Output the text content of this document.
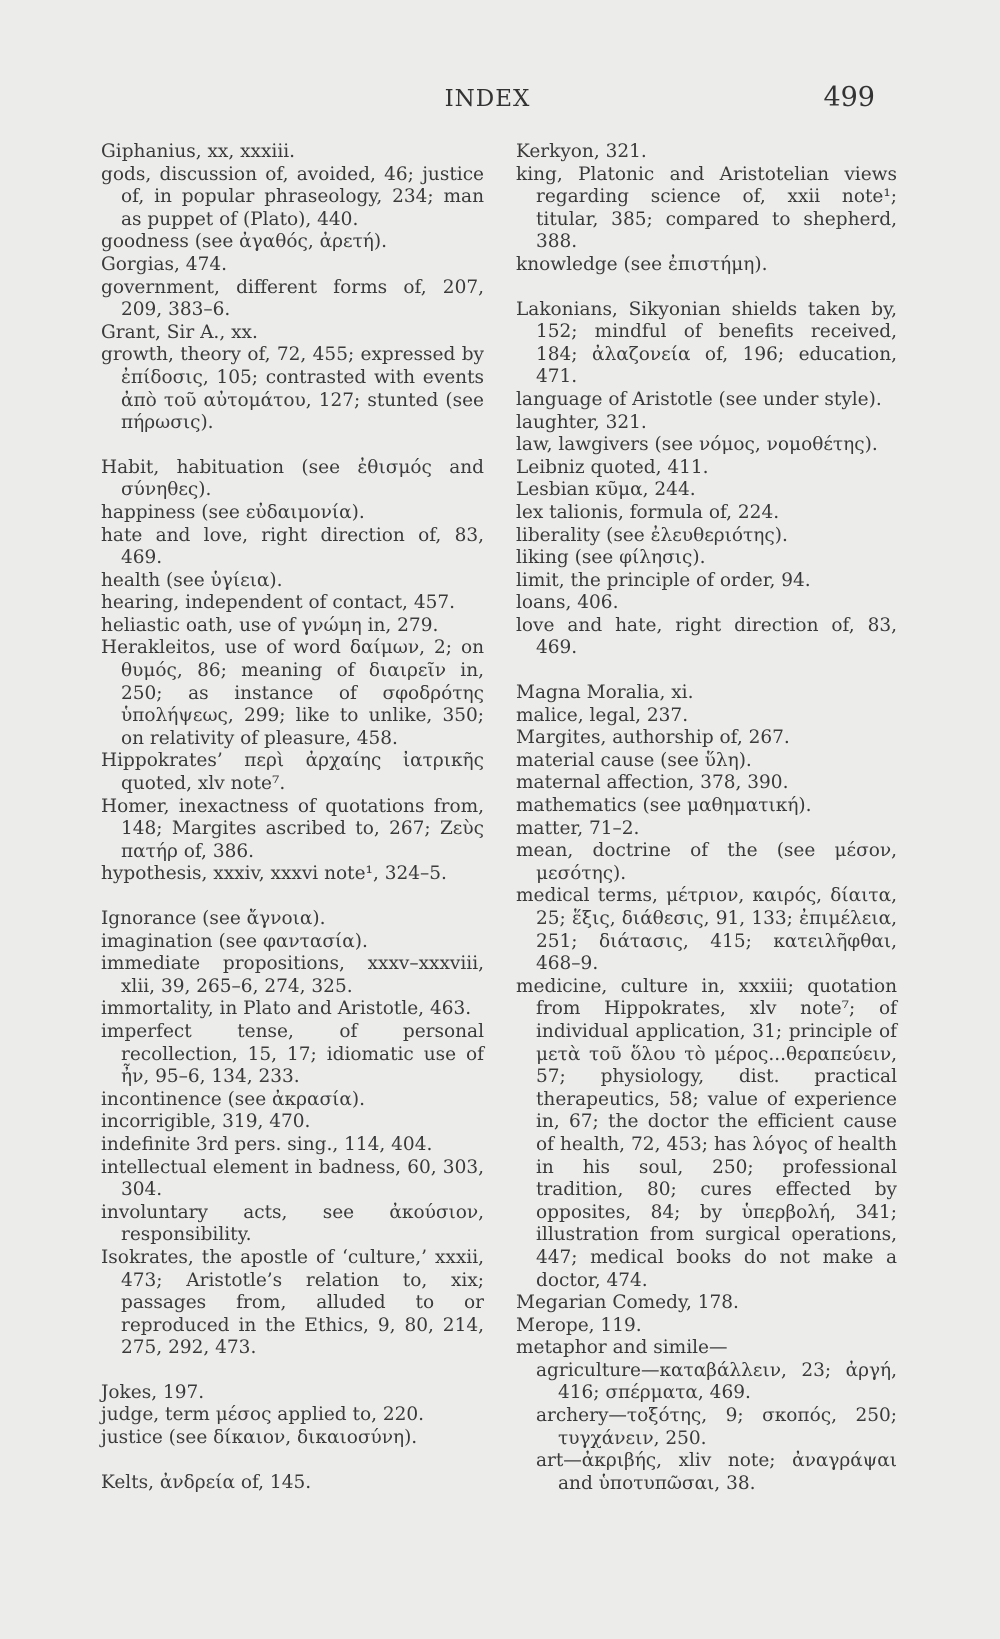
INDEX	499

Giphanius, xx, xxxiii.

gods, discussion of, avoided, 46; justice of, in popular phraseology, 234; man as puppet of (Plato), 440.

goodness (see ἀγαθός, ἀρετή).

Gorgias, 474.

government, different forms of, 207, 209, 383–6.

Grant, Sir A., xx.

growth, theory of, 72, 455; expressed by ἐπίδοσις, 105; contrasted with events ἀπὸ τοῦ αὐτομάτου, 127; stunted (see πήρωσις).

Habit, habituation (see ἐθισμός and σύνηθες).

happiness (see εὐδαιμονία).

hate and love, right direction of, 83, 469.

health (see ὑγίεια).

hearing, independent of contact, 457.

heliastic oath, use of γνώμη in, 279.

Herakleitos, use of word δαίμων, 2; on θυμός, 86; meaning of διαιρεῖν in, 250; as instance of σφοδρότης ὑπολήψεως, 299; like to unlike, 350; on relativity of pleasure, 458.

Hippokrates’ περὶ ἀρχαίης ἰατρικῆς quoted, xlv note⁷.

Homer, inexactness of quotations from, 148; Margites ascribed to, 267; Ζεὺς πατήρ of, 386.

hypothesis, xxxiv, xxxvi note¹, 324–5.

Ignorance (see ἄγνοια).

imagination (see φαντασία).

immediate propositions, xxxv–xxxviii, xlii, 39, 265–6, 274, 325.

immortality, in Plato and Aristotle, 463.

imperfect tense, of personal recollection, 15, 17; idiomatic use of ἦν, 95–6, 134, 233.

incontinence (see ἀκρασία).

incorrigible, 319, 470.

indefinite 3rd pers. sing., 114, 404.

intellectual element in badness, 60, 303, 304.

involuntary acts, see ἀκούσιον, responsibility.

Isokrates, the apostle of ‘culture,’ xxxii, 473; Aristotle’s relation to, xix; passages from, alluded to or reproduced in the Ethics, 9, 80, 214, 275, 292, 473.

Jokes, 197.

judge, term μέσος applied to, 220.

justice (see δίκαιον, δικαιοσύνη).

Kelts, ἀνδρεία of, 145.

Kerkyon, 321.

king, Platonic and Aristotelian views regarding science of, xxii note¹; titular, 385; compared to shepherd, 388.

knowledge (see ἐπιστήμη).

Lakonians, Sikyonian shields taken by, 152; mindful of benefits received, 184; ἀλαζονεία of, 196; education, 471.

language of Aristotle (see under style).

laughter, 321.

law, lawgivers (see νόμος, νομοθέτης).

Leibniz quoted, 411.

Lesbian κῦμα, 244.

lex talionis, formula of, 224.

liberality (see ἐλευθεριότης).

liking (see φίλησις).

limit, the principle of order, 94.

loans, 406.

love and hate, right direction of, 83, 469.

Magna Moralia, xi.

malice, legal, 237.

Margites, authorship of, 267.

material cause (see ὕλη).

maternal affection, 378, 390.

mathematics (see μαθηματική).

matter, 71–2.

mean, doctrine of the (see μέσον, μεσότης).

medical terms, μέτριον, καιρός, δίαιτα, 25; ἕξις, διάθεσις, 91, 133; ἐπιμέλεια, 251; διάτασις, 415; κατειλῆφθαι, 468–9.

medicine, culture in, xxxiii; quotation from Hippokrates, xlv note⁷; of individual application, 31; principle of μετὰ τοῦ ὅλου τὸ μέρος...θεραπεύειν, 57; physiology, dist. practical therapeutics, 58; value of experience in, 67; the doctor the efficient cause of health, 72, 453; has λόγος of health in his soul, 250; professional tradition, 80; cures effected by opposites, 84; by ὑπερβολή, 341; illustration from surgical operations, 447; medical books do not make a doctor, 474.

Megarian Comedy, 178.

Merope, 119.

metaphor and simile—

agriculture—καταβάλλειν, 23; ἀργή, 416; σπέρματα, 469.

archery—τοξότης, 9; σκοπός, 250; τυγχάνειν, 250.

art—ἀκριβής, xliv note; ἀναγράψαι and ὑποτυπῶσαι, 38.
